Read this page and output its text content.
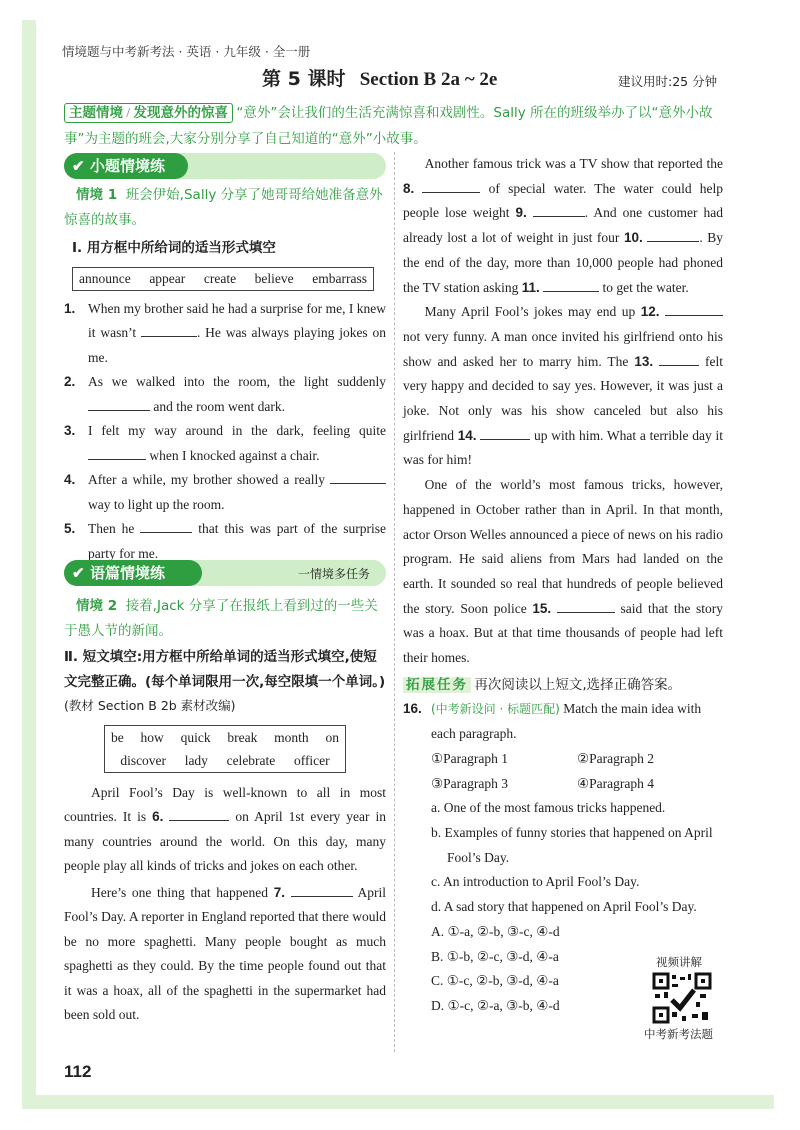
情境题与中考新考法 · 英语 · 九年级 · 全一册
第 5 课时 Section B 2a ~ 2e	建议用时:25 分钟
主题情境 / 发现意外的惊喜 “意外”会让我们的生活充满惊喜和戏剧性。Sally 所在的班级举办了以“意外小故事”为主题的班会,大家分别分享了自己知道的“意外”小故事。
✔ 小题情境练
情境 1 班会伊始,Sally 分享了她哥哥给她准备意外惊喜的故事。
Ⅰ. 用方框中所给词的适当形式填空
announce appear create believe embarrass
1. When my brother said he had a surprise for me, I knew it wasn’t	. He was always playing jokes on me.
2. As we walked into the room, the light suddenly  and the room went dark.
3. I felt my way around in the dark, feeling quite  when I knocked against a chair.
4. After a while, my brother showed a really  way to light up the room.
5. Then he	that this was part of the surprise party for me.
✔ 语篇情境练	一情境多任务
情境 2 接着,Jack 分享了在报纸上看到过的一些关于愚人节的新闻。
Ⅱ. 短文填空:用方框中所给单词的适当形式填空,使短文完整正确。(每个单词限用一次,每空限填一个单词。)(教材 Section B 2b 素材改编)
be how quick break month on
discover lady celebrate officer
April Fool’s Day is well-known to all in most countries. It is 6.	on April 1st every year in many countries around the world. On this day, many people play all kinds of tricks and jokes on each other.
Here’s one thing that happened 7.	April Fool’s Day. A reporter in England reported that there would be no more spaghetti. Many people bought as much spaghetti as they could. By the time people found out that it was a hoax, all of the spaghetti in the supermarket had been sold out.
Another famous trick was a TV show that reported the 8.	of special water. The water could help people lose weight 9.	. And one customer had already lost a lot of weight in just four 10.	. By the end of the day, more than 10,000 people had phoned the TV station asking 11.	to get the water.
Many April Fool’s jokes may end up 12.  not very funny. A man once invited his girlfriend onto his show and asked her to marry him. The 13.	felt very happy and decided to say yes. However, it was just a joke. Not only was his show canceled but also his girlfriend 14.	up with him. What a terrible day it was for him!
One of the world’s most famous tricks, however, happened in October rather than in April. In that month, actor Orson Welles announced a piece of news on his radio program. He said aliens from Mars had landed on the earth. It sounded so real that hundreds of people believed the story. Soon police 15.	said that the story was a hoax. But at that time thousands of people had left their homes.
拓展任务 再次阅读以上短文,选择正确答案。
16. (中考新设问 · 标题匹配) Match the main idea with each paragraph.
①Paragraph 1	②Paragraph 2
③Paragraph 3	④Paragraph 4
a. One of the most famous tricks happened.
b. Examples of funny stories that happened on April Fool’s Day.
c. An introduction to April Fool’s Day.
d. A sad story that happened on April Fool’s Day.
A. ①-a, ②-b, ③-c, ④-d
B. ①-b, ②-c, ③-d, ④-a
C. ①-c, ②-b, ③-d, ④-a
D. ①-c, ②-a, ③-b, ④-d
视频讲解
中考新考法题
112
